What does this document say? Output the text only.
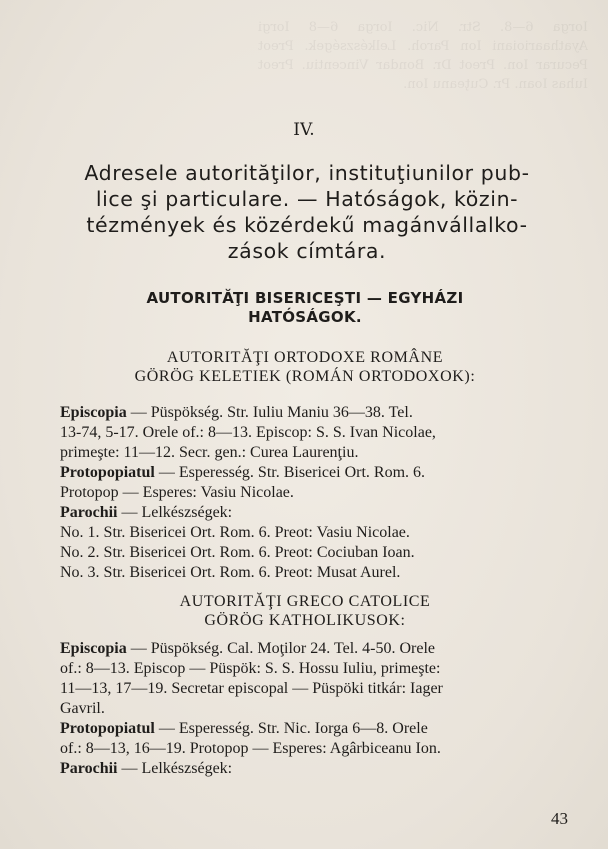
Iorga 6—8. Str. Nic. Iorga 6—8 Iorgi Ayathaarioiani Ion Paroh. Lelkészségek. Preot Pecurar Ion. Preot Dr. Bondar Vincentiu. Preot Iuhas Ioan. Pr. Cuţeanu Ion.
IV.
Adresele autorităţilor, instituţiunilor pub-
lice şi particulare. — Hatóságok, közin-
tézmények és közérdekű magánvállalko-
zások címtára.
AUTORITĂŢI BISERICEŞTI — EGYHÁZI
HATÓSÁGOK.
AUTORITĂŢI ORTODOXE ROMÂNE
GÖRÖG KELETIEK (ROMÁN ORTODOXOK):
Episcopia — Püspökség. Str. Iuliu Maniu 36—38. Tel.
13-74, 5-17. Orele of.: 8—13. Episcop: S. S. Ivan Nicolae,
primeşte: 11—12. Secr. gen.: Curea Laurenţiu.
Protopopiatul — Esperesség. Str. Bisericei Ort. Rom. 6.
Protopop — Esperes: Vasiu Nicolae.
Parochii — Lelkészségek:
No. 1. Str. Bisericei Ort. Rom. 6. Preot: Vasiu Nicolae.
No. 2. Str. Bisericei Ort. Rom. 6. Preot: Cociuban Ioan.
No. 3. Str. Bisericei Ort. Rom. 6. Preot: Musat Aurel.
AUTORITĂŢI GRECO CATOLICE
GÖRÖG KATHOLIKUSOK:
Episcopia — Püspökség. Cal. Moţilor 24. Tel. 4-50. Orele
of.: 8—13. Episcop — Püspök: S. S. Hossu Iuliu, primeşte:
11—13, 17—19. Secretar episcopal — Püspöki titkár: Iager
Gavril.
Protopopiatul — Esperesség. Str. Nic. Iorga 6—8. Orele
of.: 8—13, 16—19. Protopop — Esperes: Agârbiceanu Ion.
Parochii — Lelkészségek:
43
